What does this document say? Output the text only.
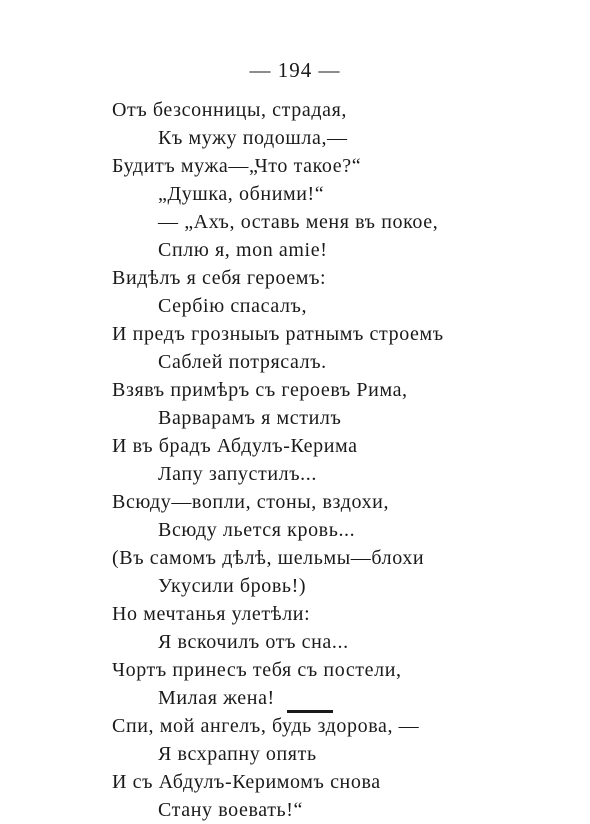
— 194 —
Отъ безсонницы, страдая,
Къ мужу подошла,—
Будитъ мужа—„Что такое?“
„Душка, обними!“
— „Ахъ, оставь меня въ покое,
Сплю я, mon amie!
Видѣлъ я себя героемъ:
Сербію спасалъ,
И предъ грозныыъ ратнымъ строемъ
Саблей потрясалъ.
Взявъ примѣръ съ героевъ Рима,
Варварамъ я мстилъ
И въ брадъ Абдулъ-Керима
Лапу запустилъ...
Всюду—вопли, стоны, вздохи,
Всюду льется кровь...
(Въ самомъ дѣлѣ, шельмы—блохи
Укусили бровь!)
Но мечтанья улетѣли:
Я вскочилъ отъ сна...
Чортъ принесъ тебя съ постели,
Милая жена!
Спи, мой ангелъ, будь здорова, —
Я всхрапну опять
И съ Абдулъ-Керимомъ снова
Стану воевать!“
